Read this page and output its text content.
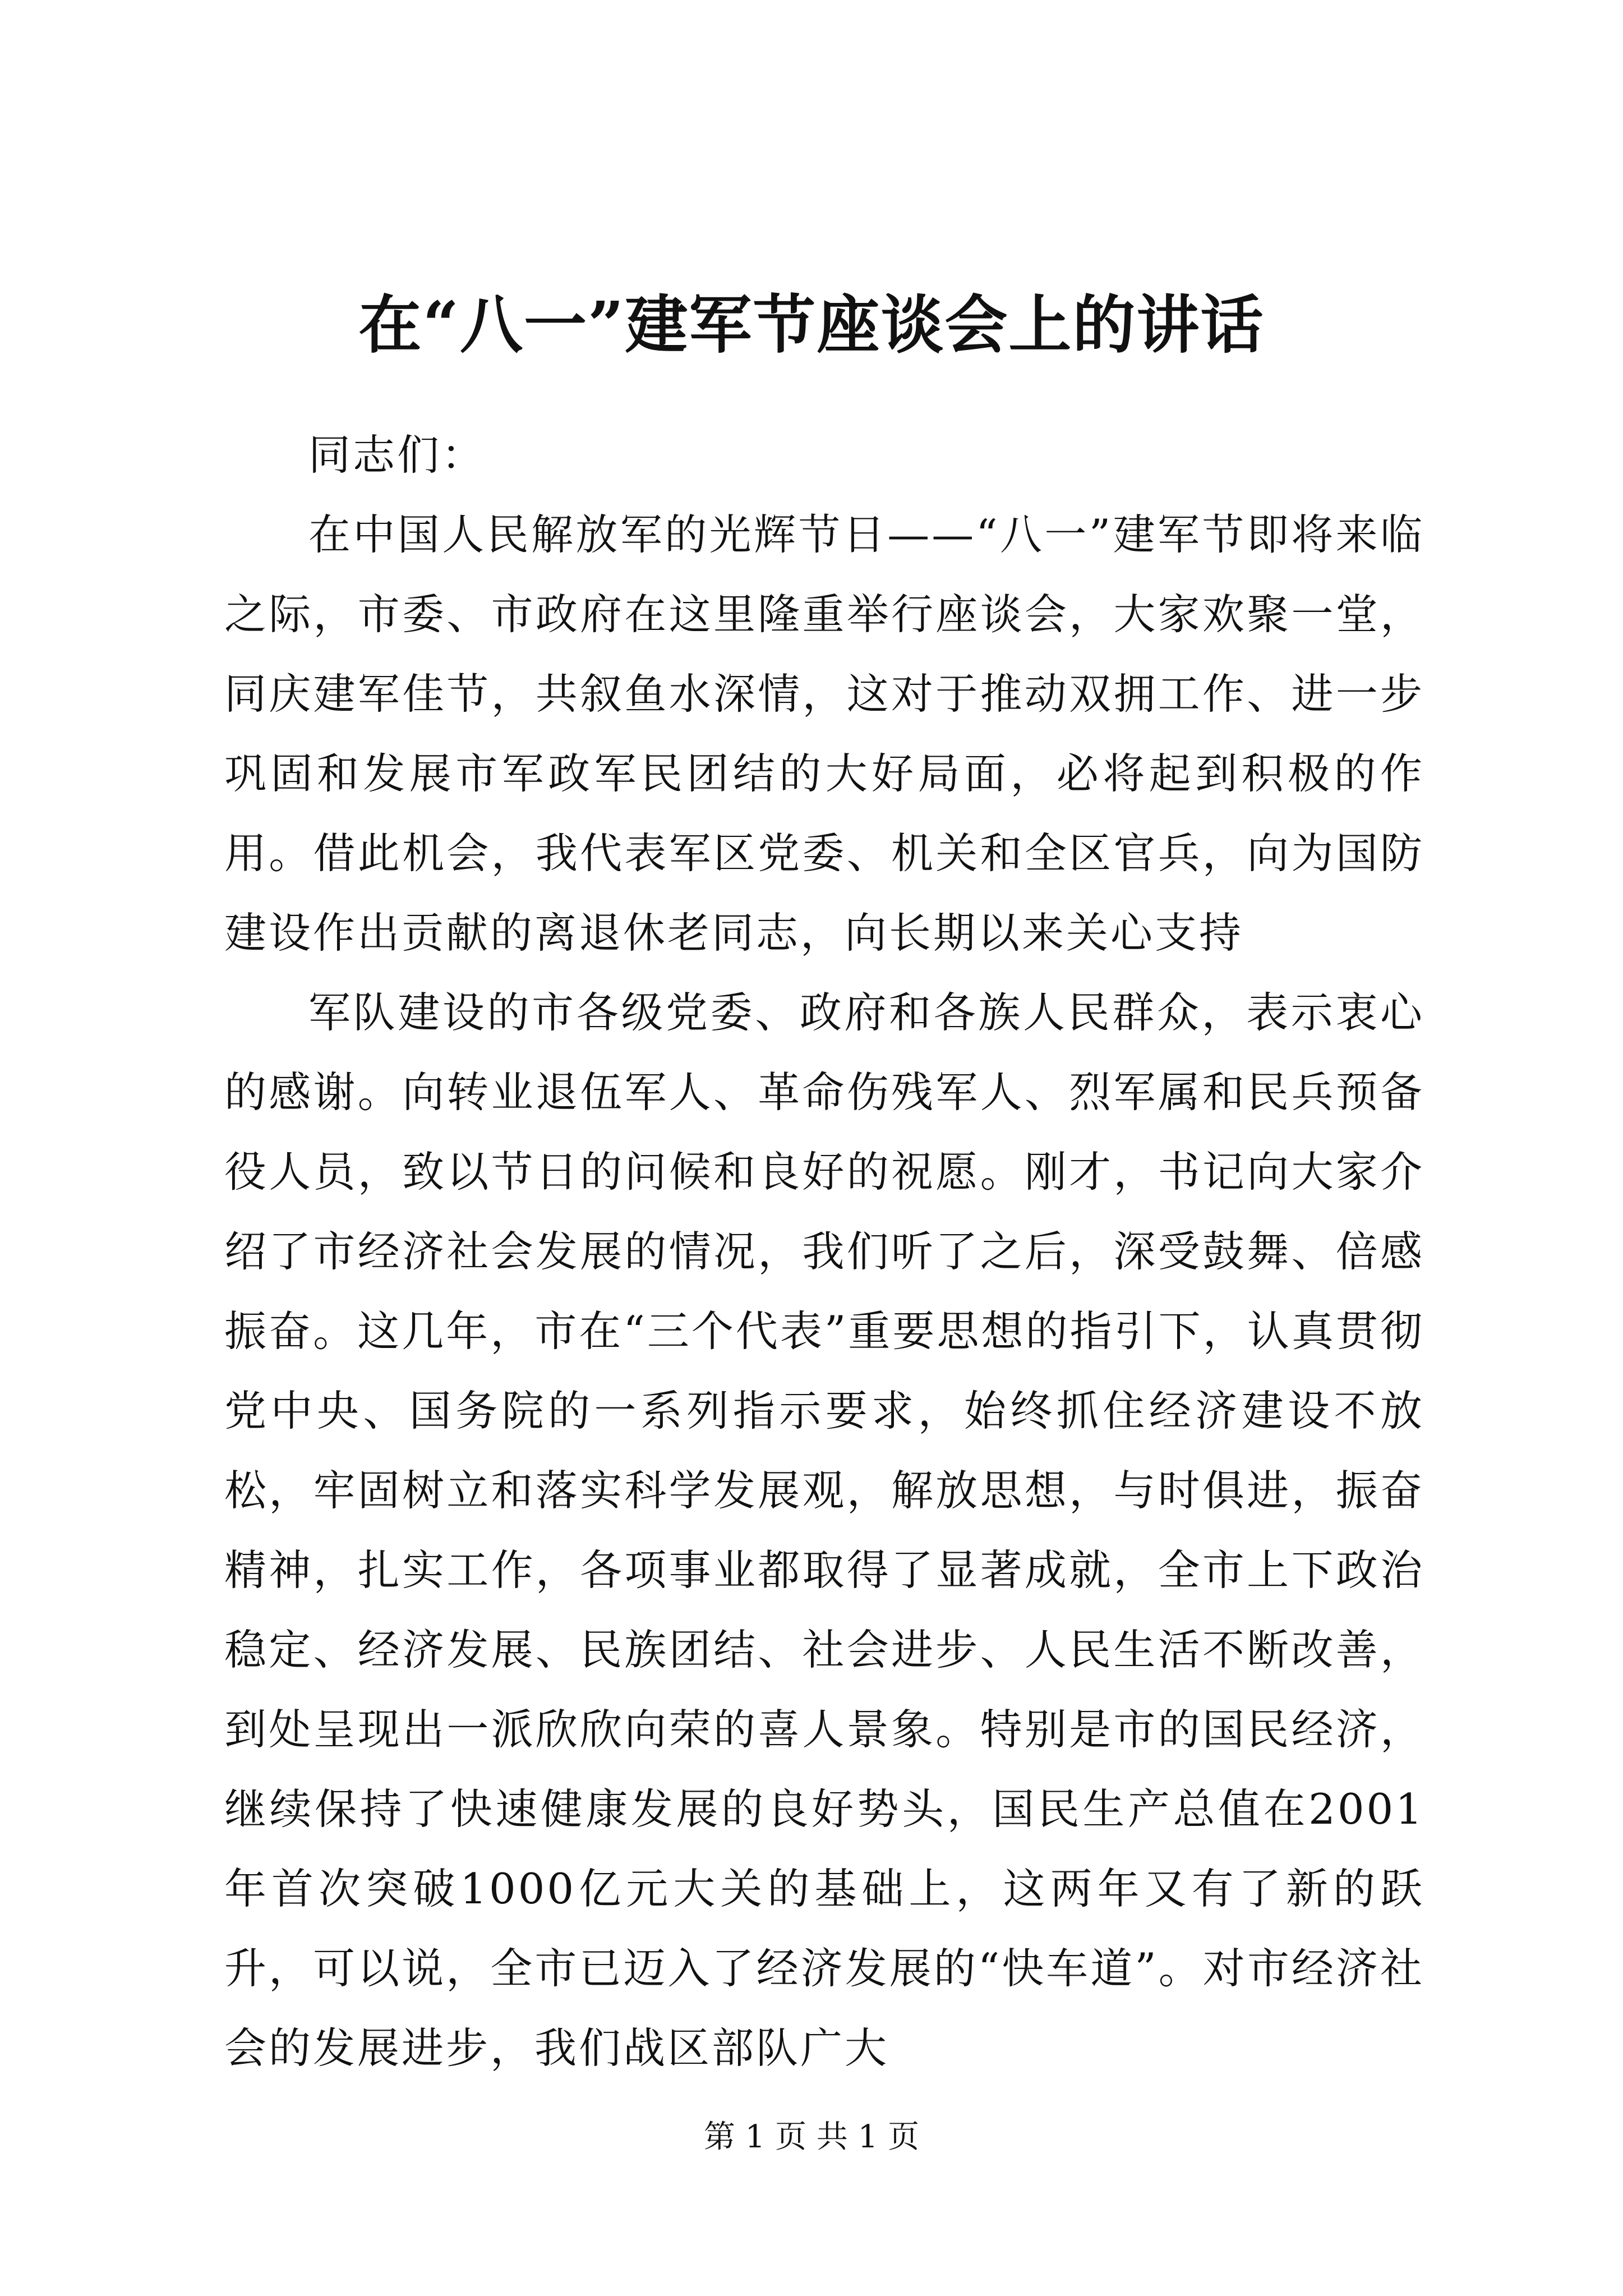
在“八一”建军节座谈会上的讲话

同志们：

在中国人民解放军的光辉节日——“八一”建军节即将来临之际，市委、市政府在这里隆重举行座谈会，大家欢聚一堂，同庆建军佳节，共叙鱼水深情，这对于推动双拥工作、进一步巩固和发展市军政军民团结的大好局面，必将起到积极的作用。借此机会，我代表军区党委、机关和全区官兵，向为国防建设作出贡献的离退休老同志，向长期以来关心支持

军队建设的市各级党委、政府和各族人民群众，表示衷心的感谢。向转业退伍军人、革命伤残军人、烈军属和民兵预备役人员，致以节日的问候和良好的祝愿。刚才，书记向大家介绍了市经济社会发展的情况，我们听了之后，深受鼓舞、倍感振奋。这几年，市在“三个代表”重要思想的指引下，认真贯彻党中央、国务院的一系列指示要求，始终抓住经济建设不放松，牢固树立和落实科学发展观，解放思想，与时俱进，振奋精神，扎实工作，各项事业都取得了显著成就，全市上下政治稳定、经济发展、民族团结、社会进步、人民生活不断改善，到处呈现出一派欣欣向荣的喜人景象。特别是市的国民经济，继续保持了快速健康发展的良好势头，国民生产总值在2001年首次突破1000亿元大关的基础上，这两年又有了新的跃升，可以说，全市已迈入了经济发展的“快车道”。对市经济社会的发展进步，我们战区部队广大

第 1 页 共 1 页
